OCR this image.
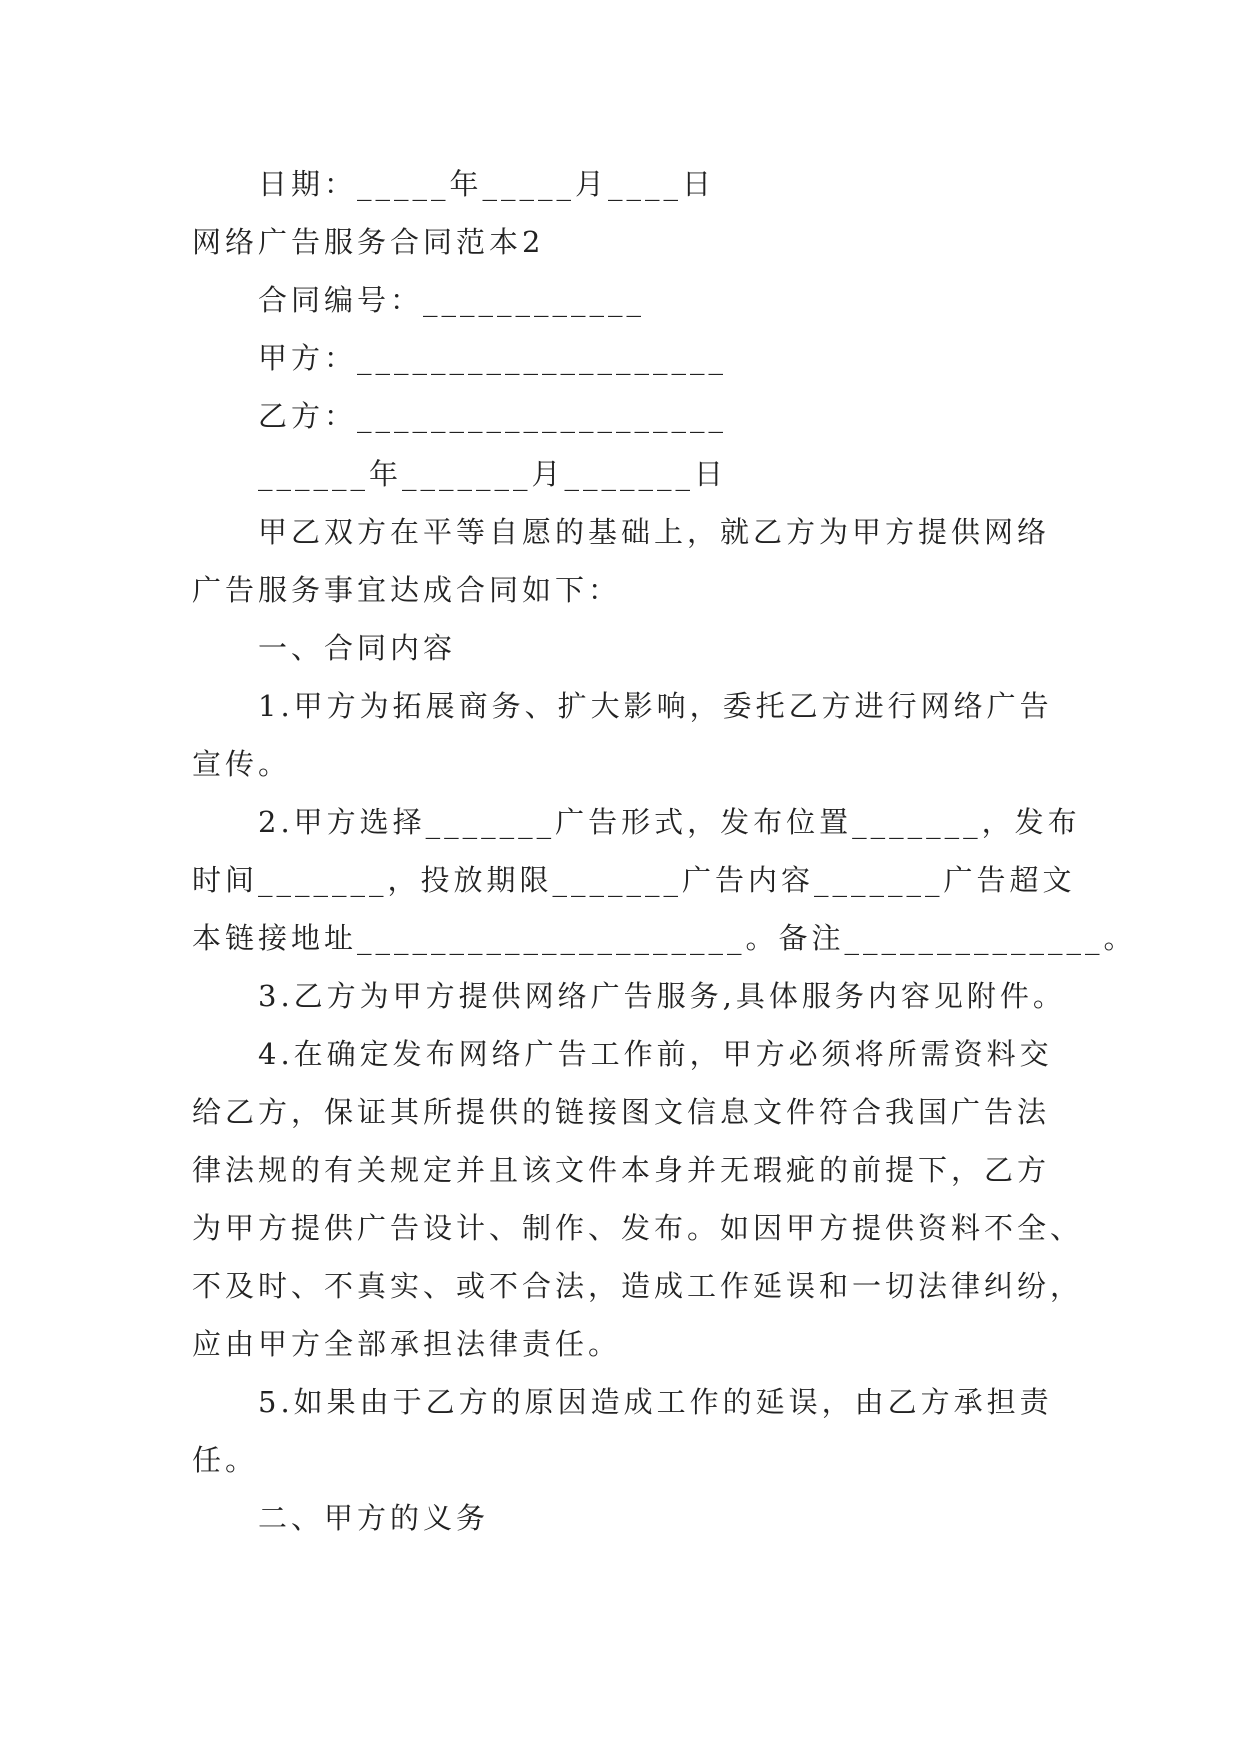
日期：_____年_____月____日
网络广告服务合同范本2
合同编号：____________
甲方：____________________
乙方：____________________
______年_______月_______日
甲乙双方在平等自愿的基础上，就乙方为甲方提供网络
广告服务事宜达成合同如下：
一、合同内容
1.甲方为拓展商务、扩大影响，委托乙方进行网络广告
宣传。
2.甲方选择_______广告形式，发布位置_______，发布
时间_______，投放期限_______广告内容_______广告超文
本链接地址_____________________。备注______________。
3.乙方为甲方提供网络广告服务,具体服务内容见附件。
4.在确定发布网络广告工作前，甲方必须将所需资料交
给乙方，保证其所提供的链接图文信息文件符合我国广告法
律法规的有关规定并且该文件本身并无瑕疵的前提下，乙方
为甲方提供广告设计、制作、发布。如因甲方提供资料不全、
不及时、不真实、或不合法，造成工作延误和一切法律纠纷，
应由甲方全部承担法律责任。
5.如果由于乙方的原因造成工作的延误，由乙方承担责
任。
二、甲方的义务
